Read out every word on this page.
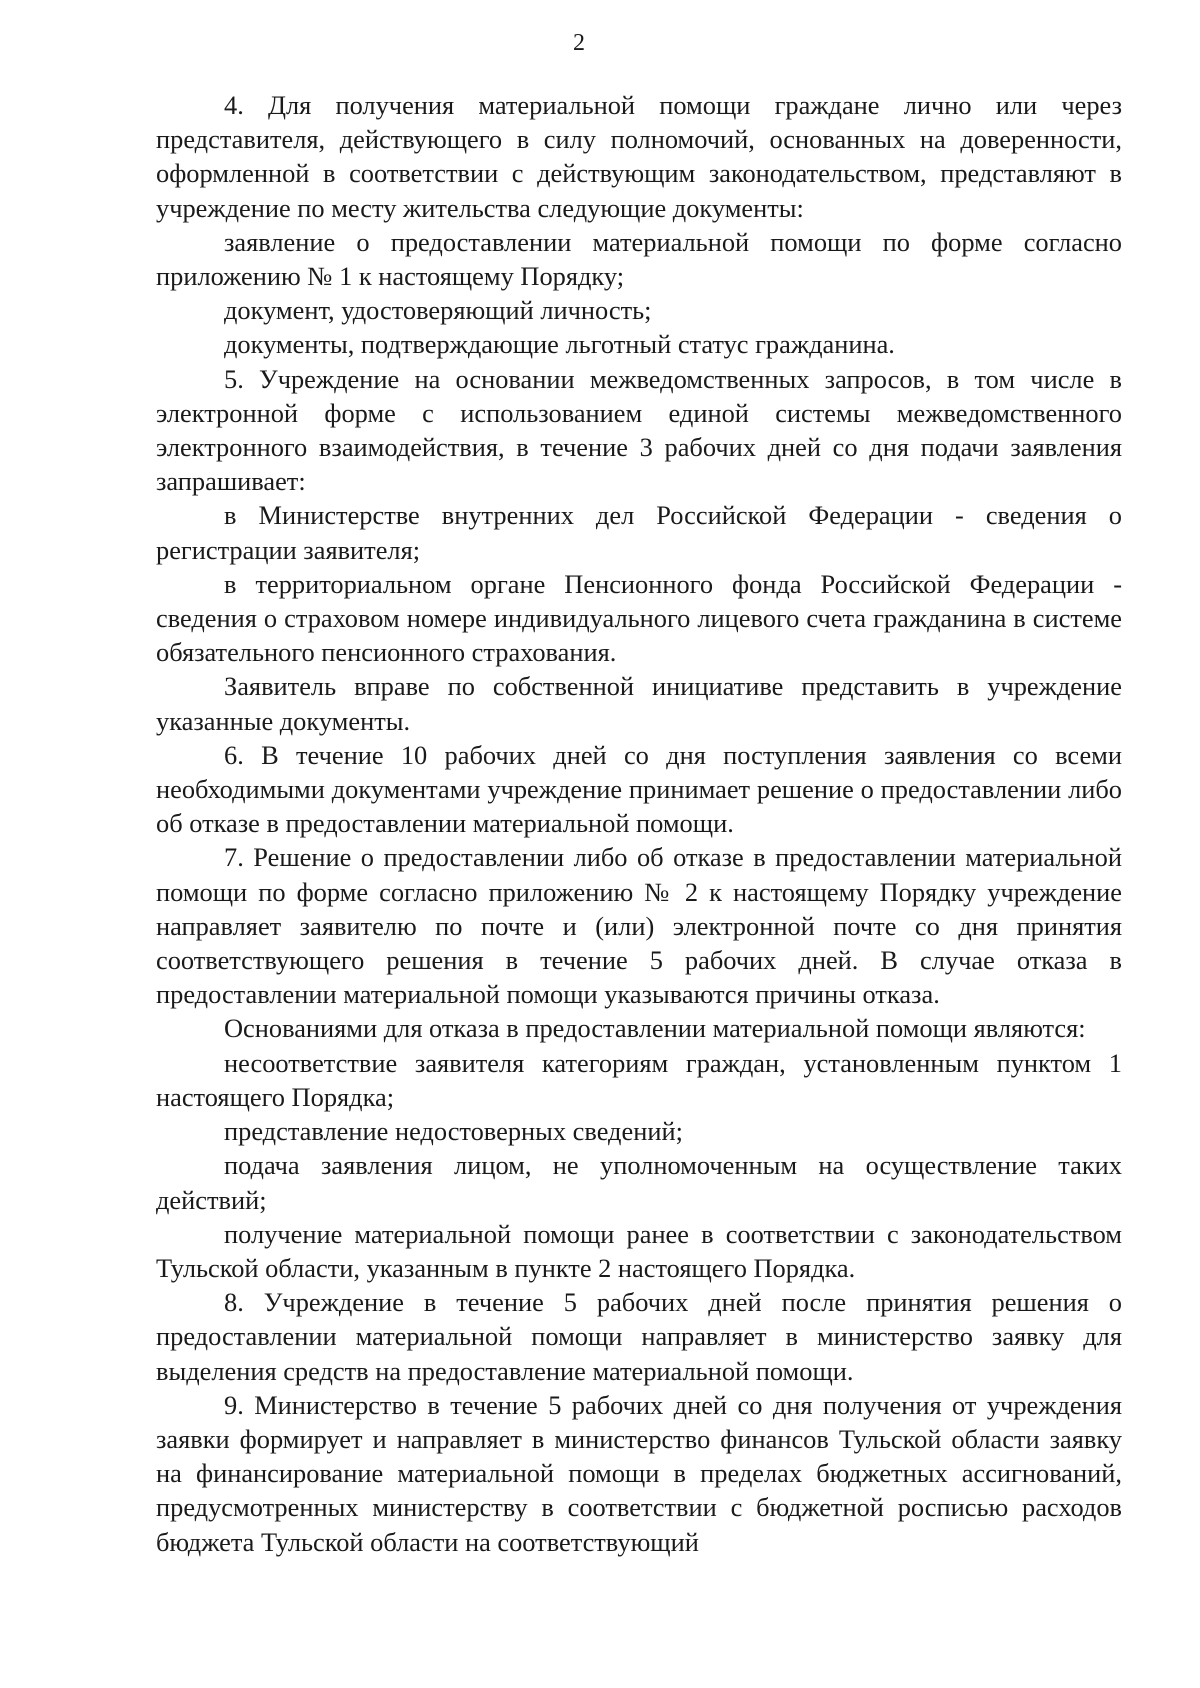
2

4. Для получения материальной помощи граждане лично или через представителя, действующего в силу полномочий, основанных на доверенности, оформленной в соответствии с действующим законодательством, представляют в учреждение по месту жительства следующие документы:

заявление о предоставлении материальной помощи по форме согласно приложению № 1 к настоящему Порядку;

документ, удостоверяющий личность;

документы, подтверждающие льготный статус гражданина.

5. Учреждение на основании межведомственных запросов, в том числе в электронной форме с использованием единой системы межведомственного электронного взаимодействия, в течение 3 рабочих дней со дня подачи заявления запрашивает:

в Министерстве внутренних дел Российской Федерации - сведения о регистрации заявителя;

в территориальном органе Пенсионного фонда Российской Федерации - сведения о страховом номере индивидуального лицевого счета гражданина в системе обязательного пенсионного страхования.

Заявитель вправе по собственной инициативе представить в учреждение указанные документы.

6. В течение 10 рабочих дней со дня поступления заявления со всеми необходимыми документами учреждение принимает решение о предоставлении либо об отказе в предоставлении материальной помощи.

7. Решение о предоставлении либо об отказе в предоставлении материальной помощи по форме согласно приложению № 2 к настоящему Порядку учреждение направляет заявителю по почте и (или) электронной почте со дня принятия соответствующего решения в течение 5 рабочих дней. В случае отказа в предоставлении материальной помощи указываются причины отказа.

Основаниями для отказа в предоставлении материальной помощи являются:

несоответствие заявителя категориям граждан, установленным пунктом 1 настоящего Порядка;

представление недостоверных сведений;

подача заявления лицом, не уполномоченным на осуществление таких действий;

получение материальной помощи ранее в соответствии с законодательством Тульской области, указанным в пункте 2 настоящего Порядка.

8. Учреждение в течение 5 рабочих дней после принятия решения о предоставлении материальной помощи направляет в министерство заявку для выделения средств на предоставление материальной помощи.

9. Министерство в течение 5 рабочих дней со дня получения от учреждения заявки формирует и направляет в министерство финансов Тульской области заявку на финансирование материальной помощи в пределах бюджетных ассигнований, предусмотренных министерству в соответствии с бюджетной росписью расходов бюджета Тульской области на соответствующий
